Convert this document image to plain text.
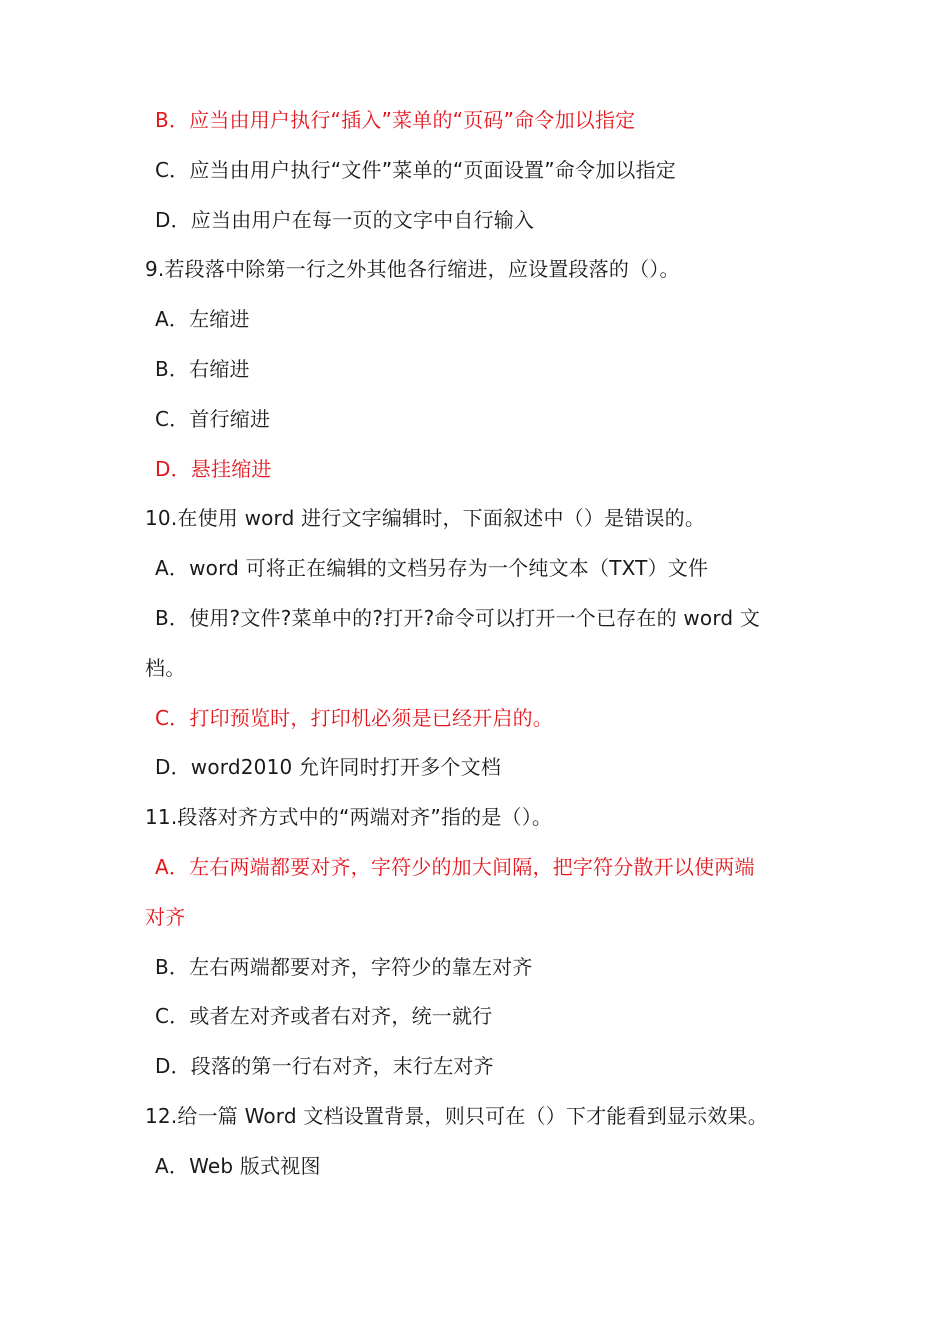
B．应当由用户执行“插入”菜单的“页码”命令加以指定
C．应当由用户执行“文件”菜单的“页面设置”命令加以指定
D．应当由用户在每一页的文字中自行输入
9.若段落中除第一行之外其他各行缩进，应设置段落的（）。
A．左缩进
B．右缩进
C．首行缩进
D．悬挂缩进
10.在使用 word 进行文字编辑时，下面叙述中（）是错误的。
A．word 可将正在编辑的文档另存为一个纯文本（TXT）文件
B．使用?文件?菜单中的?打开?命令可以打开一个已存在的 word 文
档。
C．打印预览时，打印机必须是已经开启的。
D．word2010 允许同时打开多个文档
11.段落对齐方式中的“两端对齐”指的是（）。
A．左右两端都要对齐，字符少的加大间隔，把字符分散开以使两端
对齐
B．左右两端都要对齐，字符少的靠左对齐
C．或者左对齐或者右对齐，统一就行
D．段落的第一行右对齐，末行左对齐
12.给一篇 Word 文档设置背景，则只可在（）下才能看到显示效果。
A．Web 版式视图
